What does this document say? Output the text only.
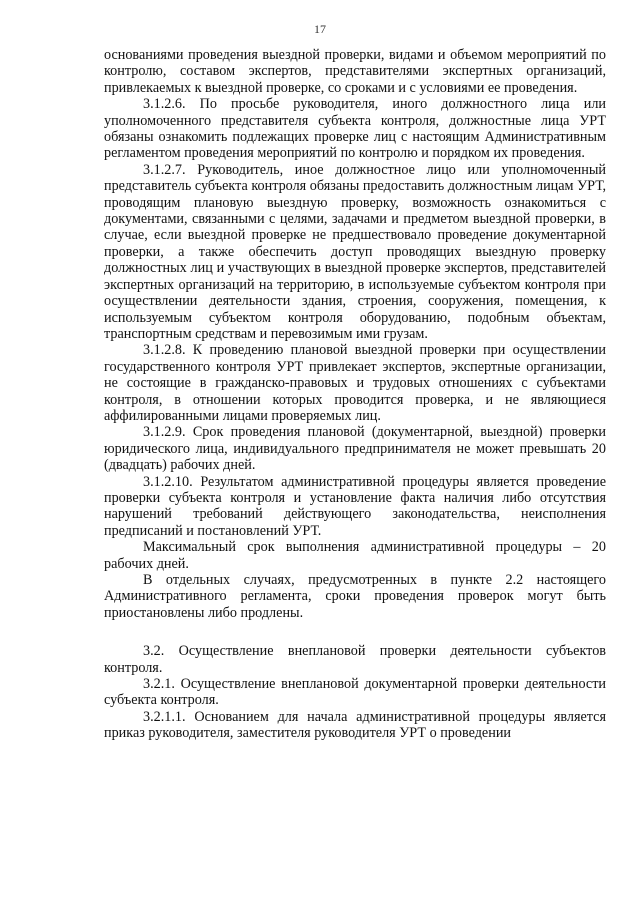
17

основаниями проведения выездной проверки, видами и объемом мероприятий по контролю, составом экспертов, представителями экспертных организаций, привлекаемых к выездной проверке, со сроками и с условиями ее проведения.

3.1.2.6. По просьбе руководителя, иного должностного лица или уполномоченного представителя субъекта контроля, должностные лица УРТ обязаны ознакомить подлежащих проверке лиц с настоящим Административным регламентом проведения мероприятий по контролю и порядком их проведения.

3.1.2.7. Руководитель, иное должностное лицо или уполномоченный представитель субъекта контроля обязаны предоставить должностным лицам УРТ, проводящим плановую выездную проверку, возможность ознакомиться с документами, связанными с целями, задачами и предметом выездной проверки, в случае, если выездной проверке не предшествовало проведение документарной проверки, а также обеспечить доступ проводящих выездную проверку должностных лиц и участвующих в выездной проверке экспертов, представителей экспертных организаций на территорию, в используемые субъектом контроля при осуществлении деятельности здания, строения, сооружения, помещения, к используемым субъектом контроля оборудованию, подобным объектам, транспортным средствам и перевозимым ими грузам.

3.1.2.8. К проведению плановой выездной проверки при осуществлении государственного контроля УРТ привлекает экспертов, экспертные организации, не состоящие в гражданско-правовых и трудовых отношениях с субъектами контроля, в отношении которых проводится проверка, и не являющиеся аффилированными лицами проверяемых лиц.

3.1.2.9. Срок проведения плановой (документарной, выездной) проверки юридического лица, индивидуального предпринимателя не может превышать 20 (двадцать) рабочих дней.

3.1.2.10. Результатом административной процедуры является проведение проверки субъекта контроля и установление факта наличия либо отсутствия нарушений требований действующего законодательства, неисполнения предписаний и постановлений УРТ.

Максимальный срок выполнения административной процедуры – 20 рабочих дней.

В отдельных случаях, предусмотренных в пункте 2.2 настоящего Административного регламента, сроки проведения проверок могут быть приостановлены либо продлены.

3.2. Осуществление внеплановой проверки деятельности субъектов контроля.

3.2.1. Осуществление внеплановой документарной проверки деятельности субъекта контроля.

3.2.1.1. Основанием для начала административной процедуры является приказ руководителя, заместителя руководителя УРТ о проведении
